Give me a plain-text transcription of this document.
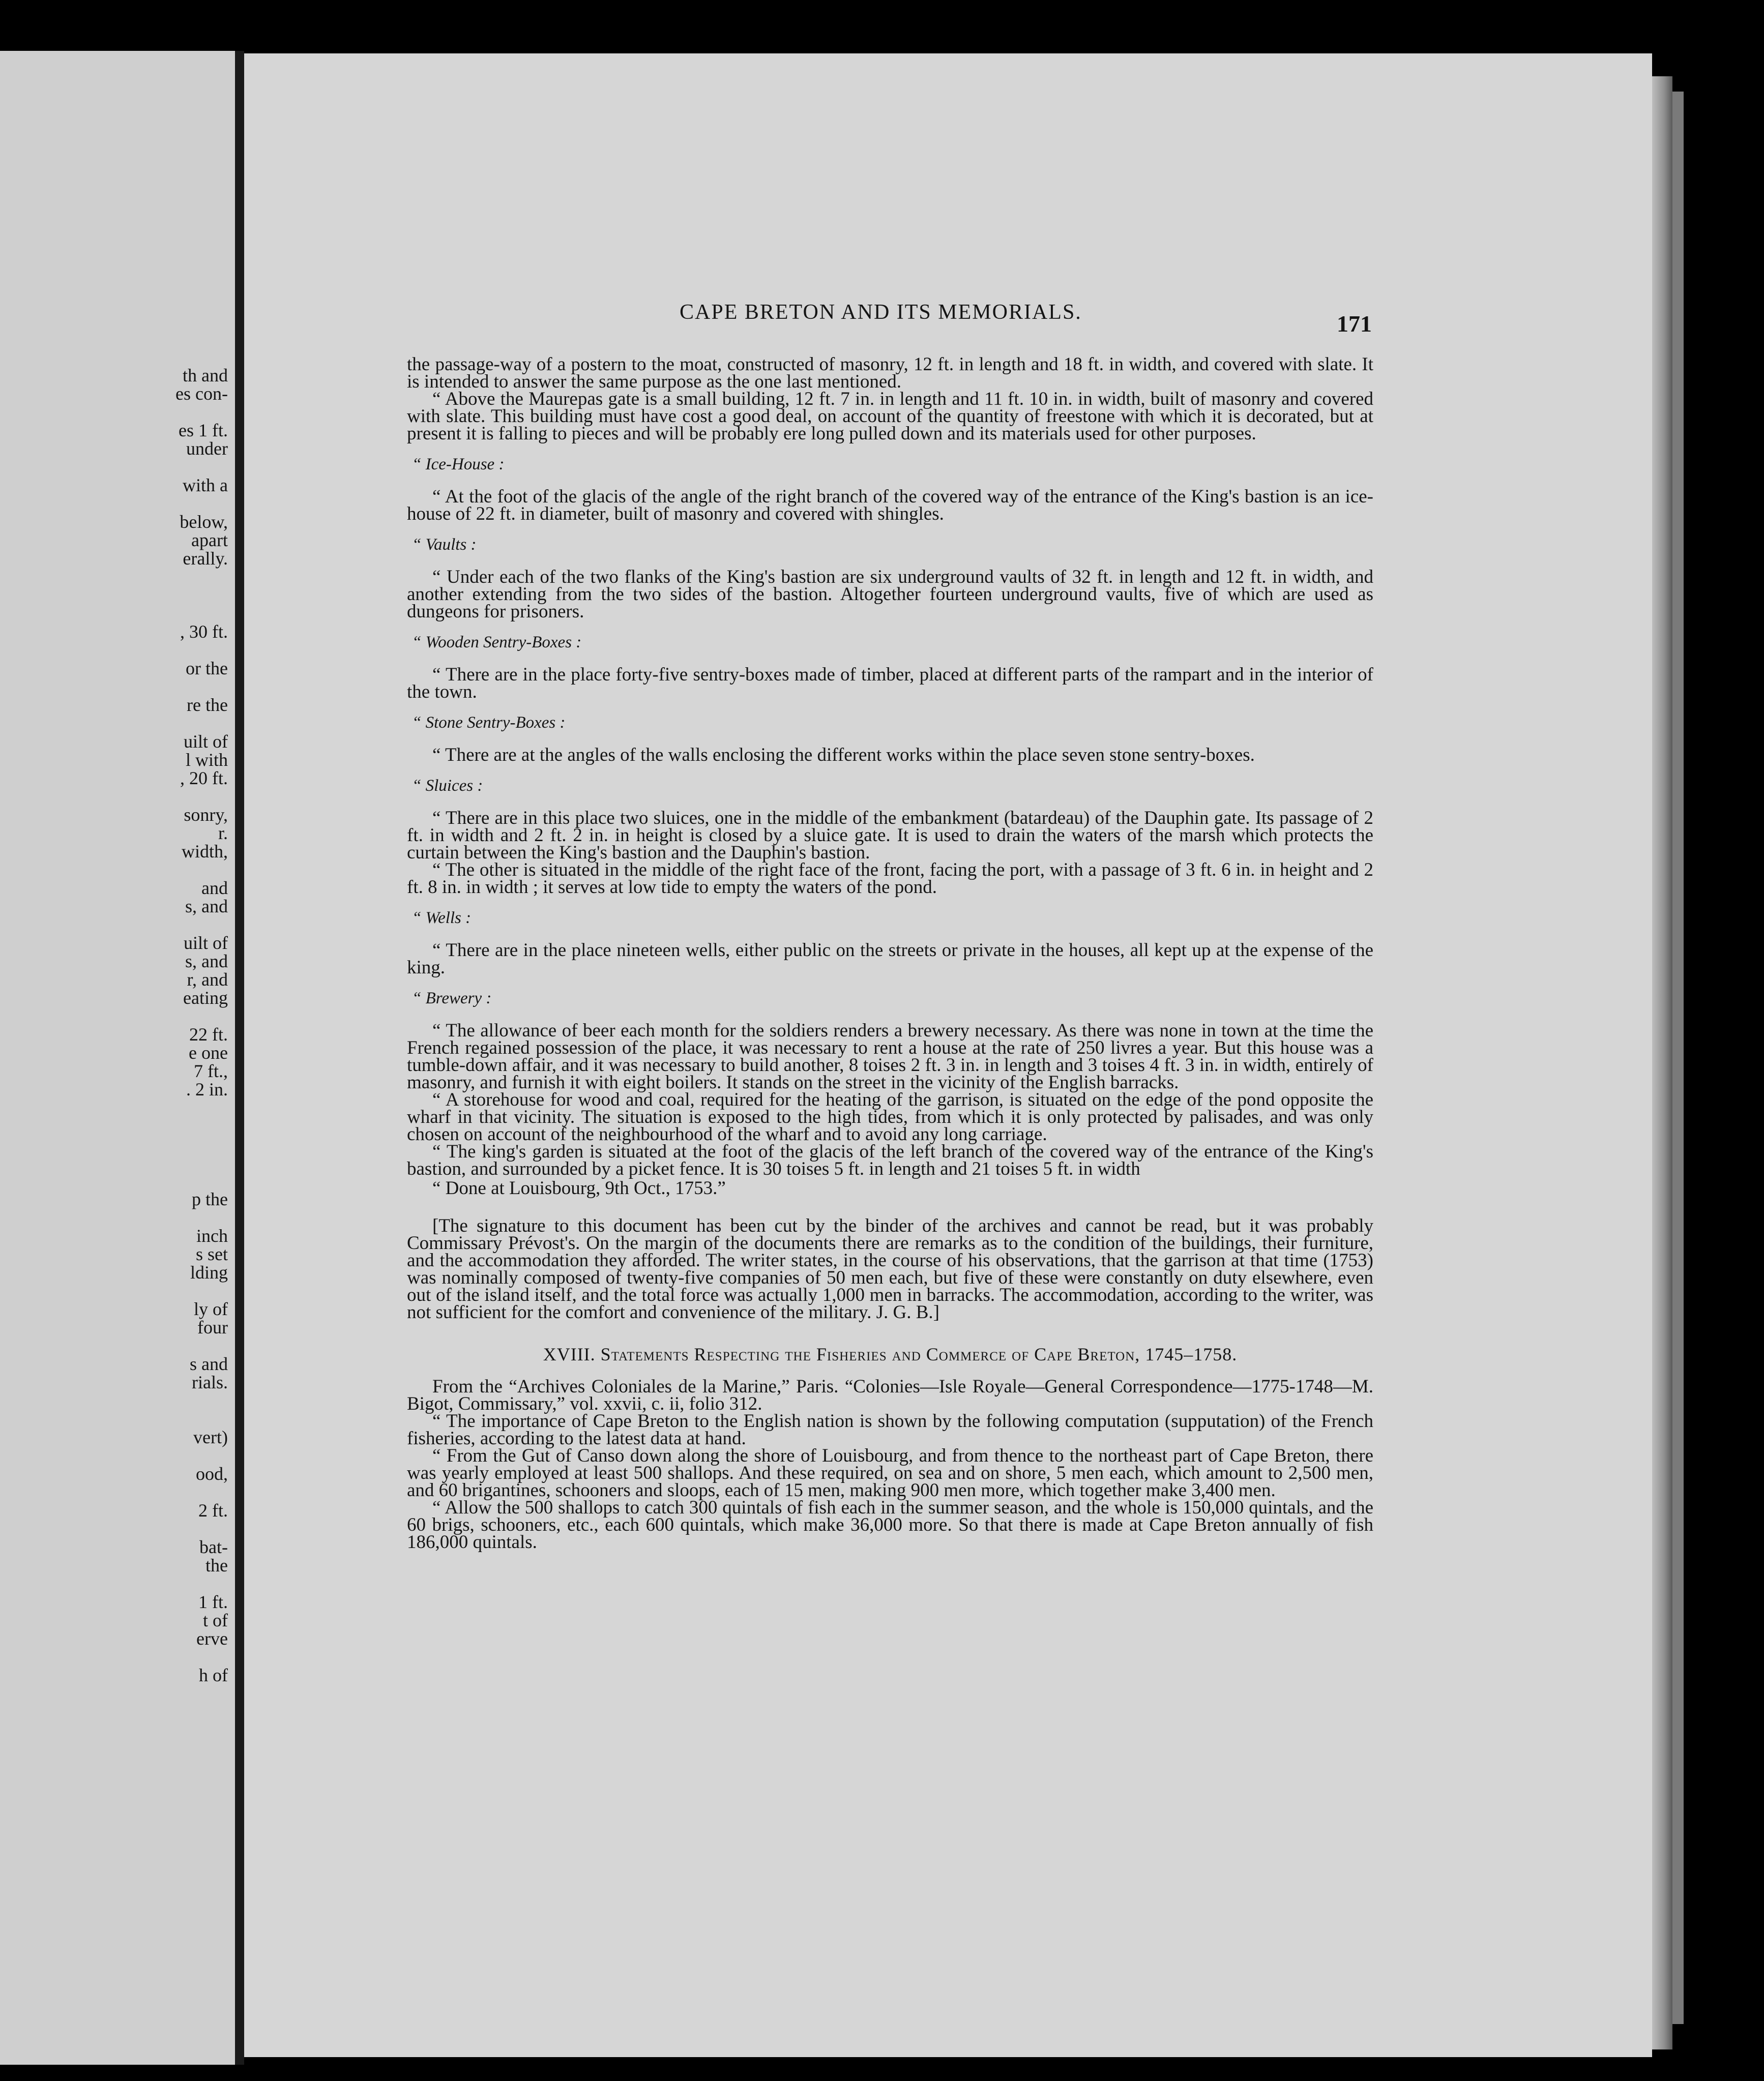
th and
es con-
es 1 ft.
under
with a
below,
apart
erally.
, 30 ft.
or the
re the
uilt of
l with
, 20 ft.
sonry,
r.
width,
and
s, and
uilt of
s, and
r, and
eating
22 ft.
e one
7 ft.,
. 2 in.
p the
inch
s set
lding
ly of
four
s and
rials.
vert)
ood,
2 ft.
bat-
the
1 ft.
t of
erve
h of
CAPE BRETON AND ITS MEMORIALS.	171

the passage-way of a postern to the moat, constructed of masonry, 12 ft. in length and 18 ft. in width, and covered with slate. It is intended to answer the same purpose as the one last mentioned.

“ Above the Maurepas gate is a small building, 12 ft. 7 in. in length and 11 ft. 10 in. in width, built of masonry and covered with slate. This building must have cost a good deal, on account of the quantity of freestone with which it is decorated, but at present it is falling to pieces and will be probably ere long pulled down and its materials used for other purposes.

“ Ice-House :

“ At the foot of the glacis of the angle of the right branch of the covered way of the entrance of the King's bastion is an ice-house of 22 ft. in diameter, built of masonry and covered with shingles.

“ Vaults :

“ Under each of the two flanks of the King's bastion are six underground vaults of 32 ft. in length and 12 ft. in width, and another extending from the two sides of the bastion. Altogether fourteen underground vaults, five of which are used as dungeons for prisoners.

“ Wooden Sentry-Boxes :

“ There are in the place forty-five sentry-boxes made of timber, placed at different parts of the rampart and in the interior of the town.

“ Stone Sentry-Boxes :

“ There are at the angles of the walls enclosing the different works within the place seven stone sentry-boxes.

“ Sluices :

“ There are in this place two sluices, one in the middle of the embankment (batardeau) of the Dauphin gate. Its passage of 2 ft. in width and 2 ft. 2 in. in height is closed by a sluice gate. It is used to drain the waters of the marsh which protects the curtain between the King's bastion and the Dauphin's bastion.

“ The other is situated in the middle of the right face of the front, facing the port, with a passage of 3 ft. 6 in. in height and 2 ft. 8 in. in width ; it serves at low tide to empty the waters of the pond.

“ Wells :

“ There are in the place nineteen wells, either public on the streets or private in the houses, all kept up at the expense of the king.

“ Brewery :

“ The allowance of beer each month for the soldiers renders a brewery necessary. As there was none in town at the time the French regained possession of the place, it was necessary to rent a house at the rate of 250 livres a year. But this house was a tumble-down affair, and it was necessary to build another, 8 toises 2 ft. 3 in. in length and 3 toises 4 ft. 3 in. in width, entirely of masonry, and furnish it with eight boilers. It stands on the street in the vicinity of the English barracks.

“ A storehouse for wood and coal, required for the heating of the garrison, is situated on the edge of the pond opposite the wharf in that vicinity. The situation is exposed to the high tides, from which it is only protected by palisades, and was only chosen on account of the neighbourhood of the wharf and to avoid any long carriage.

“ The king's garden is situated at the foot of the glacis of the left branch of the covered way of the entrance of the King's bastion, and surrounded by a picket fence. It is 30 toises 5 ft. in length and 21 toises 5 ft. in width

“ Done at Louisbourg, 9th Oct., 1753.”

[The signature to this document has been cut by the binder of the archives and cannot be read, but it was probably Commissary Prévost's. On the margin of the documents there are remarks as to the condition of the buildings, their furniture, and the accommodation they afforded. The writer states, in the course of his observations, that the garrison at that time (1753) was nominally composed of twenty-five companies of 50 men each, but five of these were constantly on duty elsewhere, even out of the island itself, and the total force was actually 1,000 men in barracks. The accommodation, according to the writer, was not sufficient for the comfort and convenience of the military. J. G. B.]

XVIII. Statements Respecting the Fisheries and Commerce of Cape Breton, 1745–1758.

From the “Archives Coloniales de la Marine,” Paris. “Colonies—Isle Royale—General Correspondence—1775-1748—M. Bigot, Commissary,” vol. xxvii, c. ii, folio 312.

“ The importance of Cape Breton to the English nation is shown by the following computation (supputation) of the French fisheries, according to the latest data at hand.

“ From the Gut of Canso down along the shore of Louisbourg, and from thence to the northeast part of Cape Breton, there was yearly employed at least 500 shallops. And these required, on sea and on shore, 5 men each, which amount to 2,500 men, and 60 brigantines, schooners and sloops, each of 15 men, making 900 men more, which together make 3,400 men.

“ Allow the 500 shallops to catch 300 quintals of fish each in the summer season, and the whole is 150,000 quintals, and the 60 brigs, schooners, etc., each 600 quintals, which make 36,000 more. So that there is made at Cape Breton annually of fish 186,000 quintals.
